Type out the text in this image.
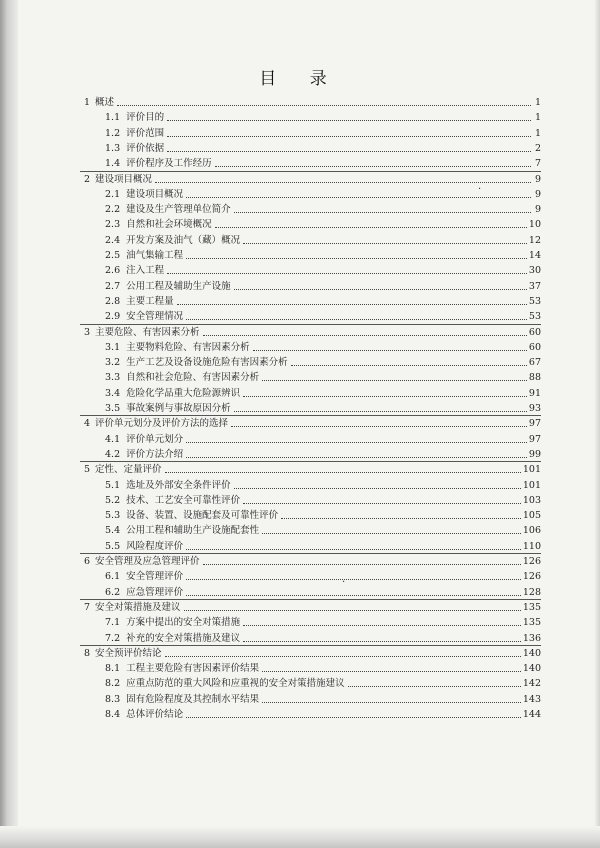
目 录
1 概述	1
1.1 评价目的	1
1.2 评价范围	1
1.3 评价依据	2
1.4 评价程序及工作经历	7
2 建设项目概况	9
2.1 建设项目概况	9
2.2 建设及生产管理单位简介	9
2.3 自然和社会环境概况	10
2.4 开发方案及油气（藏）概况	12
2.5 油气集输工程	14
2.6 注入工程	30
2.7 公用工程及辅助生产设施	37
2.8 主要工程量	53
2.9 安全管理情况	53
3 主要危险、有害因素分析	60
3.1 主要物料危险、有害因素分析	60
3.2 生产工艺及设备设施危险有害因素分析	67
3.3 自然和社会危险、有害因素分析	88
3.4 危险化学品重大危险源辨识	91
3.5 事故案例与事故原因分析	93
4 评价单元划分及评价方法的选择	97
4.1 评价单元划分	97
4.2 评价方法介绍	99
5 定性、定量评价	101
5.1 选址及外部安全条件评价	101
5.2 技术、工艺安全可靠性评价	103
5.3 设备、装置、设施配套及可靠性评价	105
5.4 公用工程和辅助生产设施配套性	106
5.5 风险程度评价	110
6 安全管理及应急管理评价	126
6.1 安全管理评价	126
6.2 应急管理评价	128
7 安全对策措施及建议	135
7.1 方案中提出的安全对策措施	135
7.2 补充的安全对策措施及建议	136
8 安全预评价结论	140
8.1 工程主要危险有害因素评价结果	140
8.2 应重点防范的重大风险和应重视的安全对策措施建议	142
8.3 固有危险程度及其控制水平结果	143
8.4 总体评价结论	144
·
·
